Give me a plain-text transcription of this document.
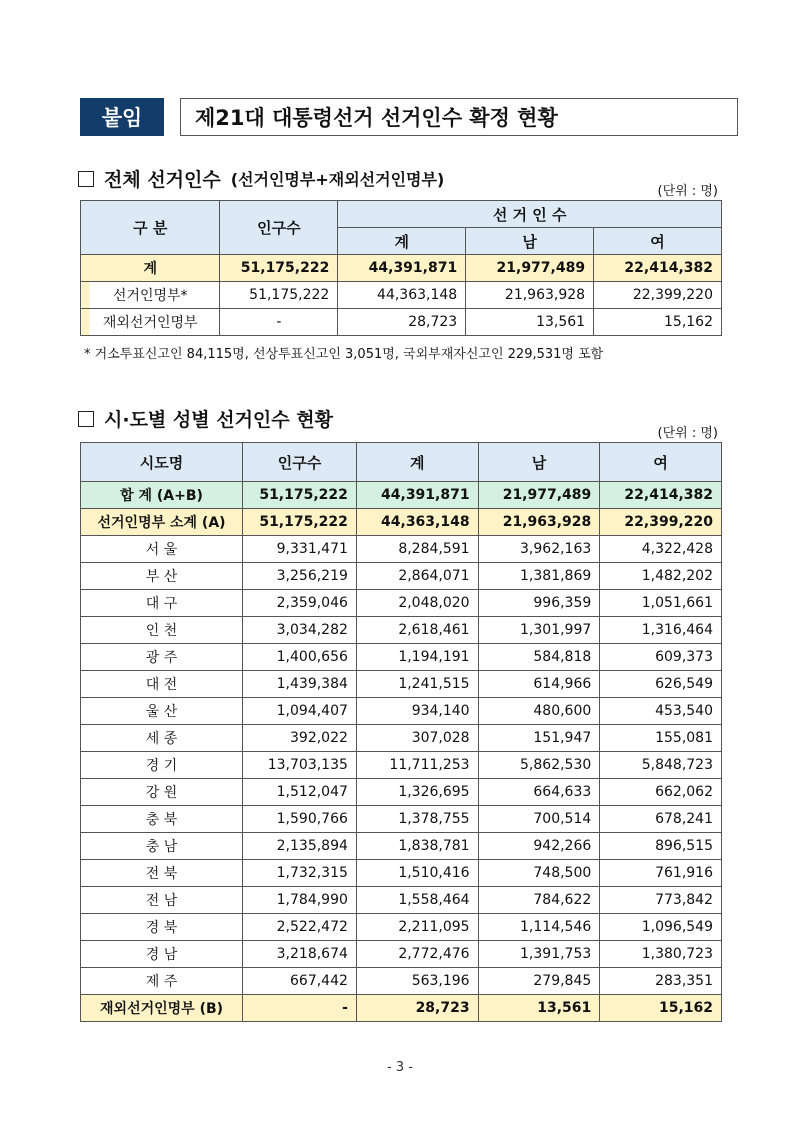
붙임	제21대 대통령선거 선거인수 확정 현황
전체 선거인수 (선거인명부+재외선거인명부)
(단위 : 명)
구 분	인구수	선 거 인 수		
		계	남	여
계	51,175,222	44,391,871	21,977,489	22,414,382
선거인명부*	51,175,222	44,363,148	21,963,928	22,399,220
재외선거인명부	-	28,723	13,561	15,162
* 거소투표신고인 84,115명, 선상투표신고인 3,051명, 국외부재자신고인 229,531명 포함
시·도별 성별 선거인수 현황
(단위 : 명)
시도명	인구수	계	남	여
합 계 (A+B)	51,175,222	44,391,871	21,977,489	22,414,382
선거인명부 소계 (A)	51,175,222	44,363,148	21,963,928	22,399,220
서 울	9,331,471	8,284,591	3,962,163	4,322,428
부 산	3,256,219	2,864,071	1,381,869	1,482,202
대 구	2,359,046	2,048,020	996,359	1,051,661
인 천	3,034,282	2,618,461	1,301,997	1,316,464
광 주	1,400,656	1,194,191	584,818	609,373
대 전	1,439,384	1,241,515	614,966	626,549
울 산	1,094,407	934,140	480,600	453,540
세 종	392,022	307,028	151,947	155,081
경 기	13,703,135	11,711,253	5,862,530	5,848,723
강 원	1,512,047	1,326,695	664,633	662,062
충 북	1,590,766	1,378,755	700,514	678,241
충 남	2,135,894	1,838,781	942,266	896,515
전 북	1,732,315	1,510,416	748,500	761,916
전 남	1,784,990	1,558,464	784,622	773,842
경 북	2,522,472	2,211,095	1,114,546	1,096,549
경 남	3,218,674	2,772,476	1,391,753	1,380,723
제 주	667,442	563,196	279,845	283,351
재외선거인명부 (B)	-	28,723	13,561	15,162
- 3 -
